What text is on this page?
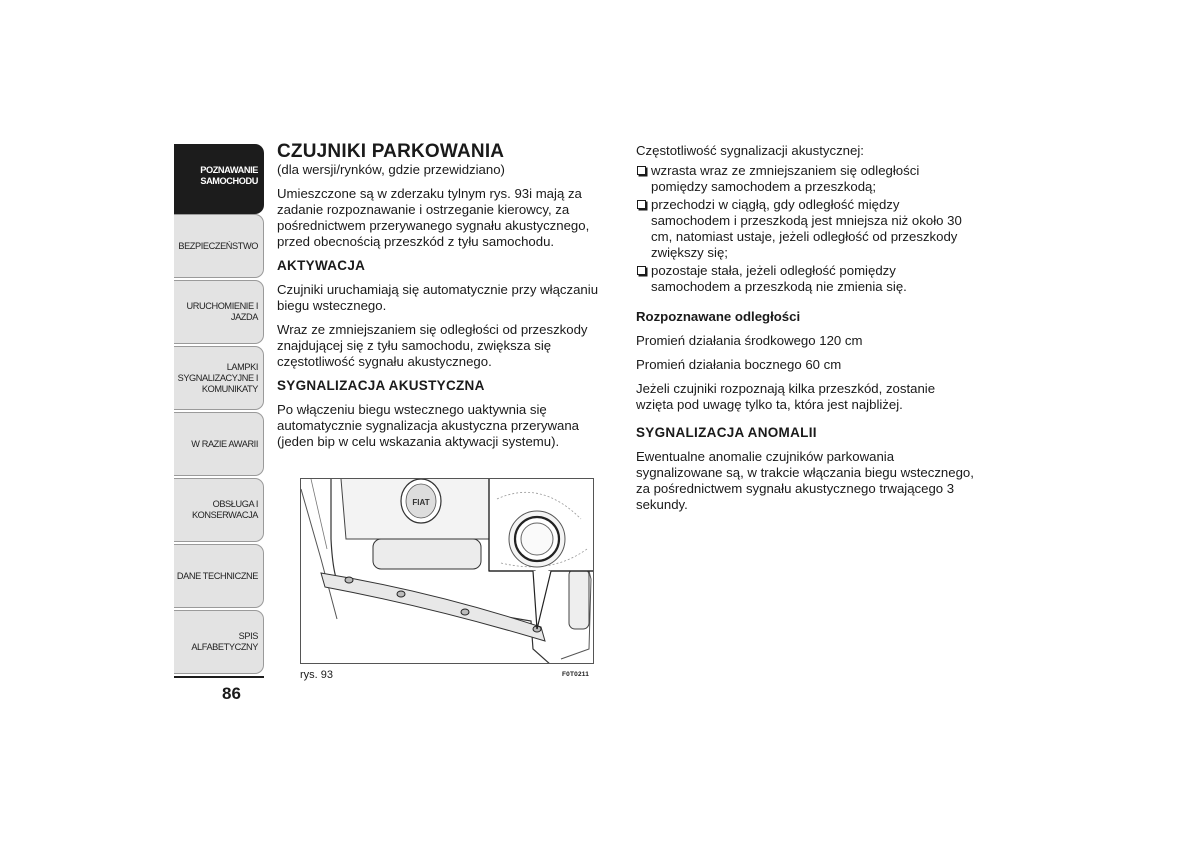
POZNAWANIE
SAMOCHODU
BEZPIECZEŃSTWO
URUCHOMIENIE I
JAZDA
LAMPKI
SYGNALIZACYJNE I
KOMUNIKATY
W RAZIE AWARII
OBSŁUGA I
KONSERWACJA
DANE TECHNICZNE
SPIS ALFABETYCZNY
86
CZUJNIKI PARKOWANIA

(dla wersji/rynków, gdzie przewidziano)

Umieszczone są w zderzaku tylnym rys. 93i mają za zadanie rozpoznawanie i ostrzeganie kierowcy, za pośrednictwem przerywanego sygnału akustycznego, przed obecnością przeszkód z tyłu samochodu.

AKTYWACJA

Czujniki uruchamiają się automatycznie przy włączaniu biegu wstecznego.

Wraz ze zmniejszaniem się odległości od przeszkody znajdującej się z tyłu samochodu, zwiększa się częstotliwość sygnału akustycznego.

SYGNALIZACJA AKUSTYCZNA

Po włączeniu biegu wstecznego uaktywnia się automatycznie sygnalizacja akustyczna przerywana (jeden bip w celu wskazania aktywacji systemu).

FIAT
rys. 93	F0T0211

Częstotliwość sygnalizacji akustycznej:

wzrasta wraz ze zmniejszaniem się odległości pomiędzy samochodem a przeszkodą;
przechodzi w ciągłą, gdy odległość między samochodem i przeszkodą jest mniejsza niż około 30 cm, natomiast ustaje, jeżeli odległość od przeszkody zwiększy się;
pozostaje stała, jeżeli odległość pomiędzy samochodem a przeszkodą nie zmienia się.
Rozpoznawane odległości

Promień działania środkowego 120 cm

Promień działania bocznego 60 cm

Jeżeli czujniki rozpoznają kilka przeszkód, zostanie wzięta pod uwagę tylko ta, która jest najbliżej.

SYGNALIZACJA ANOMALII

Ewentualne anomalie czujników parkowania sygnalizowane są, w trakcie włączania biegu wstecznego, za pośrednictwem sygnału akustycznego trwającego 3 sekundy.
